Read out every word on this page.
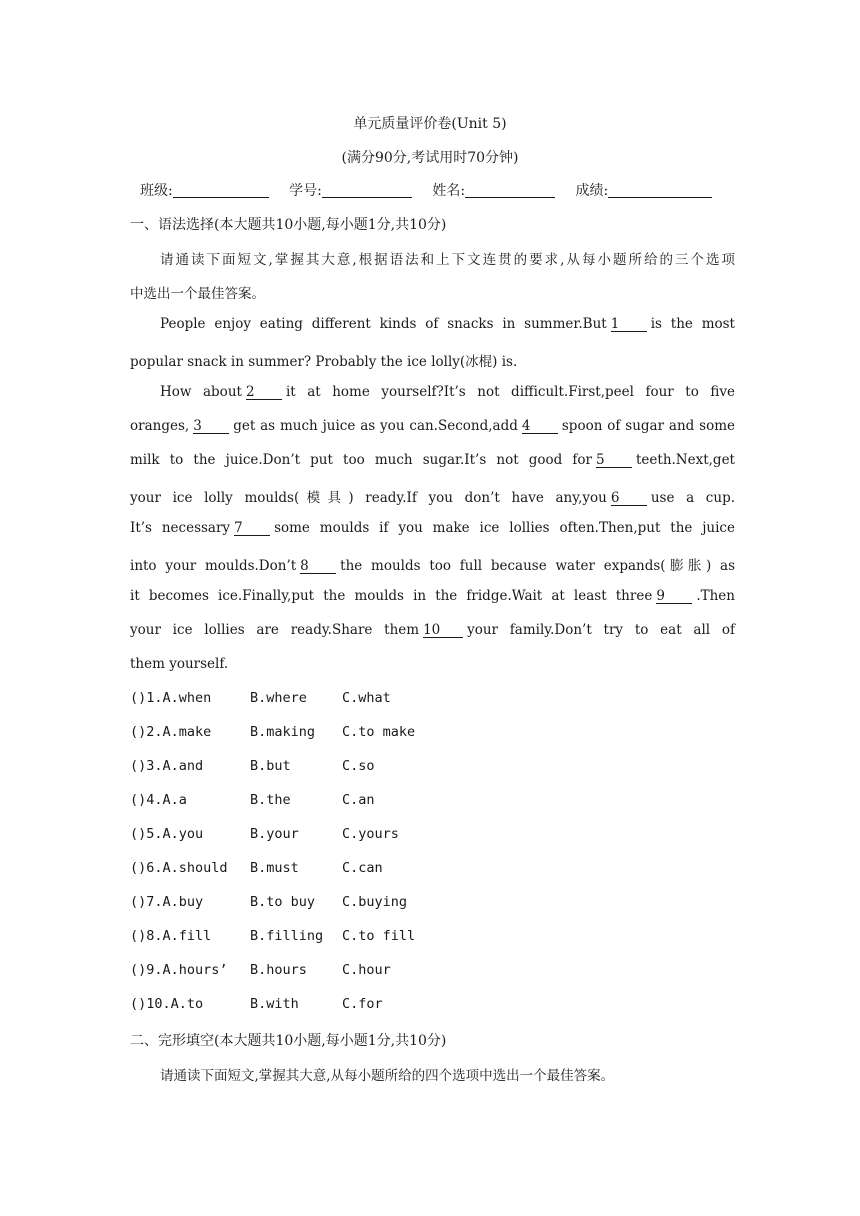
单元质量评价卷(Unit 5)
(满分90分,考试用时70分钟)
班级:	学号:	姓名:	成绩:
一、语法选择(本大题共10小题,每小题1分,共10分)
请通读下面短文,掌握其大意,根据语法和上下文连贯的要求,从每小题所给的三个选项
中选出一个最佳答案。
People enjoy eating different kinds of snacks in summer.But 1 is the most
popular snack in summer? Probably the ice lolly(冰棍) is.
How about 2 it at home yourself?It’s not difficult.First,peel four to five
oranges, 3 get as much juice as you can.Second,add 4 spoon of sugar and some
milk to the juice.Don’t put too much sugar.It’s not good for 5 teeth.Next,get
your ice lolly moulds(模具) ready.If you don’t have any,you 6 use a cup.
It’s necessary 7 some moulds if you make ice lollies often.Then,put the juice
into your moulds.Don’t 8 the moulds too full because water expands(膨胀) as
it becomes ice.Finally,put the moulds in the fridge.Wait at least three 9 .Then
your ice lollies are ready.Share them 10 your family.Don’t try to eat all of
them yourself.
()1.A.when	B.where	C.what
()2.A.make	B.making C.to make
()3.A.and	B.but	C.so
()4.A.a	B.the	C.an
()5.A.you	B.your	C.yours
()6.A.should B.must	C.can
()7.A.buy	B.to buy C.buying
()8.A.fill	B.filling C.to fill
()9.A.hours’ B.hours	C.hour
()10.A.to	B.with	C.for
二、完形填空(本大题共10小题,每小题1分,共10分)
请通读下面短文,掌握其大意,从每小题所给的四个选项中选出一个最佳答案。
